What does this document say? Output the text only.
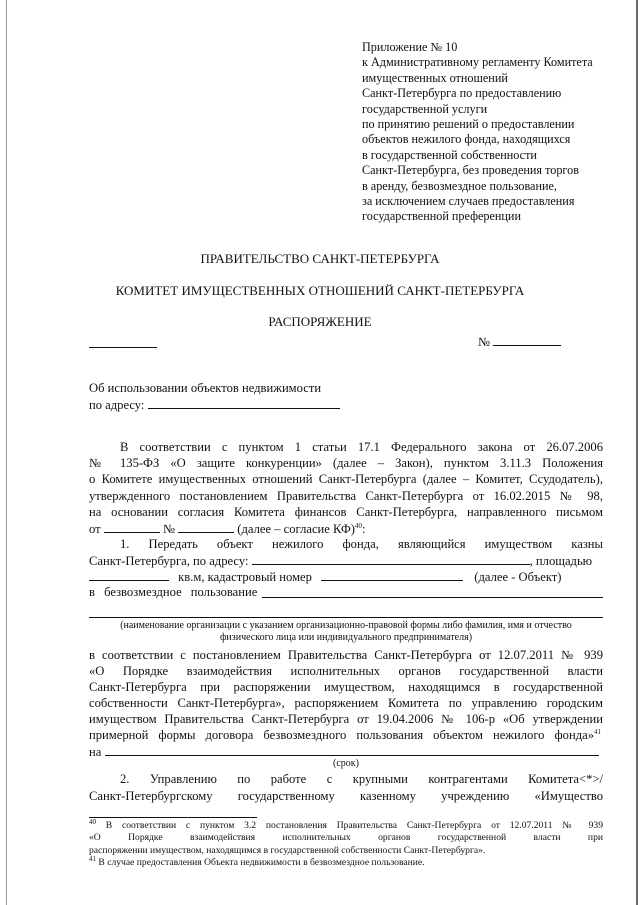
Приложение № 10
к Административному регламенту Комитета
имущественных отношений
Санкт-Петербурга по предоставлению
государственной услуги
по принятию решений о предоставлении
объектов нежилого фонда, находящихся
в государственной собственности
Санкт-Петербурга, без проведения торгов
в аренду, безвозмездное пользование,
за исключением случаев предоставления
государственной преференции
ПРАВИТЕЛЬСТВО САНКТ-ПЕТЕРБУРГА
КОМИТЕТ ИМУЩЕСТВЕННЫХ ОТНОШЕНИЙ САНКТ-ПЕТЕРБУРГА
РАСПОРЯЖЕНИЕ
№
Об использовании объектов недвижимости
по адресу:
В соответствии с пунктом 1 статьи 17.1 Федерального закона от 26.07.2006
№ 135-ФЗ «О защите конкуренции» (далее – Закон), пунктом 3.11.3 Положения
о Комитете имущественных отношений Санкт-Петербурга (далее – Комитет, Ссудодатель),
утвержденного постановлением Правительства Санкт-Петербурга от 16.02.2015 № 98,
на основании согласия Комитета финансов Санкт-Петербурга, направленного письмом
от	№	(далее – согласие КФ)$^{40}$:
1. Передать объект нежилого фонда, являющийся имуществом казны
Санкт-Петербурга, по адресу:	, площадью
кв.м, кадастровый номер	(далее - Объект)
в безвозмездное пользование
(наименование организации с указанием организационно-правовой формы либо фамилия, имя и отчество
физического лица или индивидуального предпринимателя)
в соответствии с постановлением Правительства Санкт-Петербурга от 12.07.2011 № 939
«О Порядке взаимодействия исполнительных органов государственной власти
Санкт-Петербурга при распоряжении имуществом, находящимся в государственной
собственности Санкт-Петербурга», распоряжением Комитета по управлению городским
имуществом Правительства Санкт-Петербурга от 19.04.2006 № 106-р «Об утверждении
примерной формы договора безвозмездного пользования объектом нежилого фонда»$^{41}$
на
(срок)
2. Управлению по работе с крупными контрагентами Комитета<*>/
Санкт-Петербургскому государственному казенному учреждению «Имущество
$^{40}$ В соответствии с пунктом 3.2 постановления Правительства Санкт-Петербурга от 12.07.2011 № 939
«О Порядке взаимодействия исполнительных органов государственной власти при
распоряжении имуществом, находящимся в государственной собственности Санкт-Петербурга».
$^{41}$ В случае предоставления Объекта недвижимости в безвозмездное пользование.
